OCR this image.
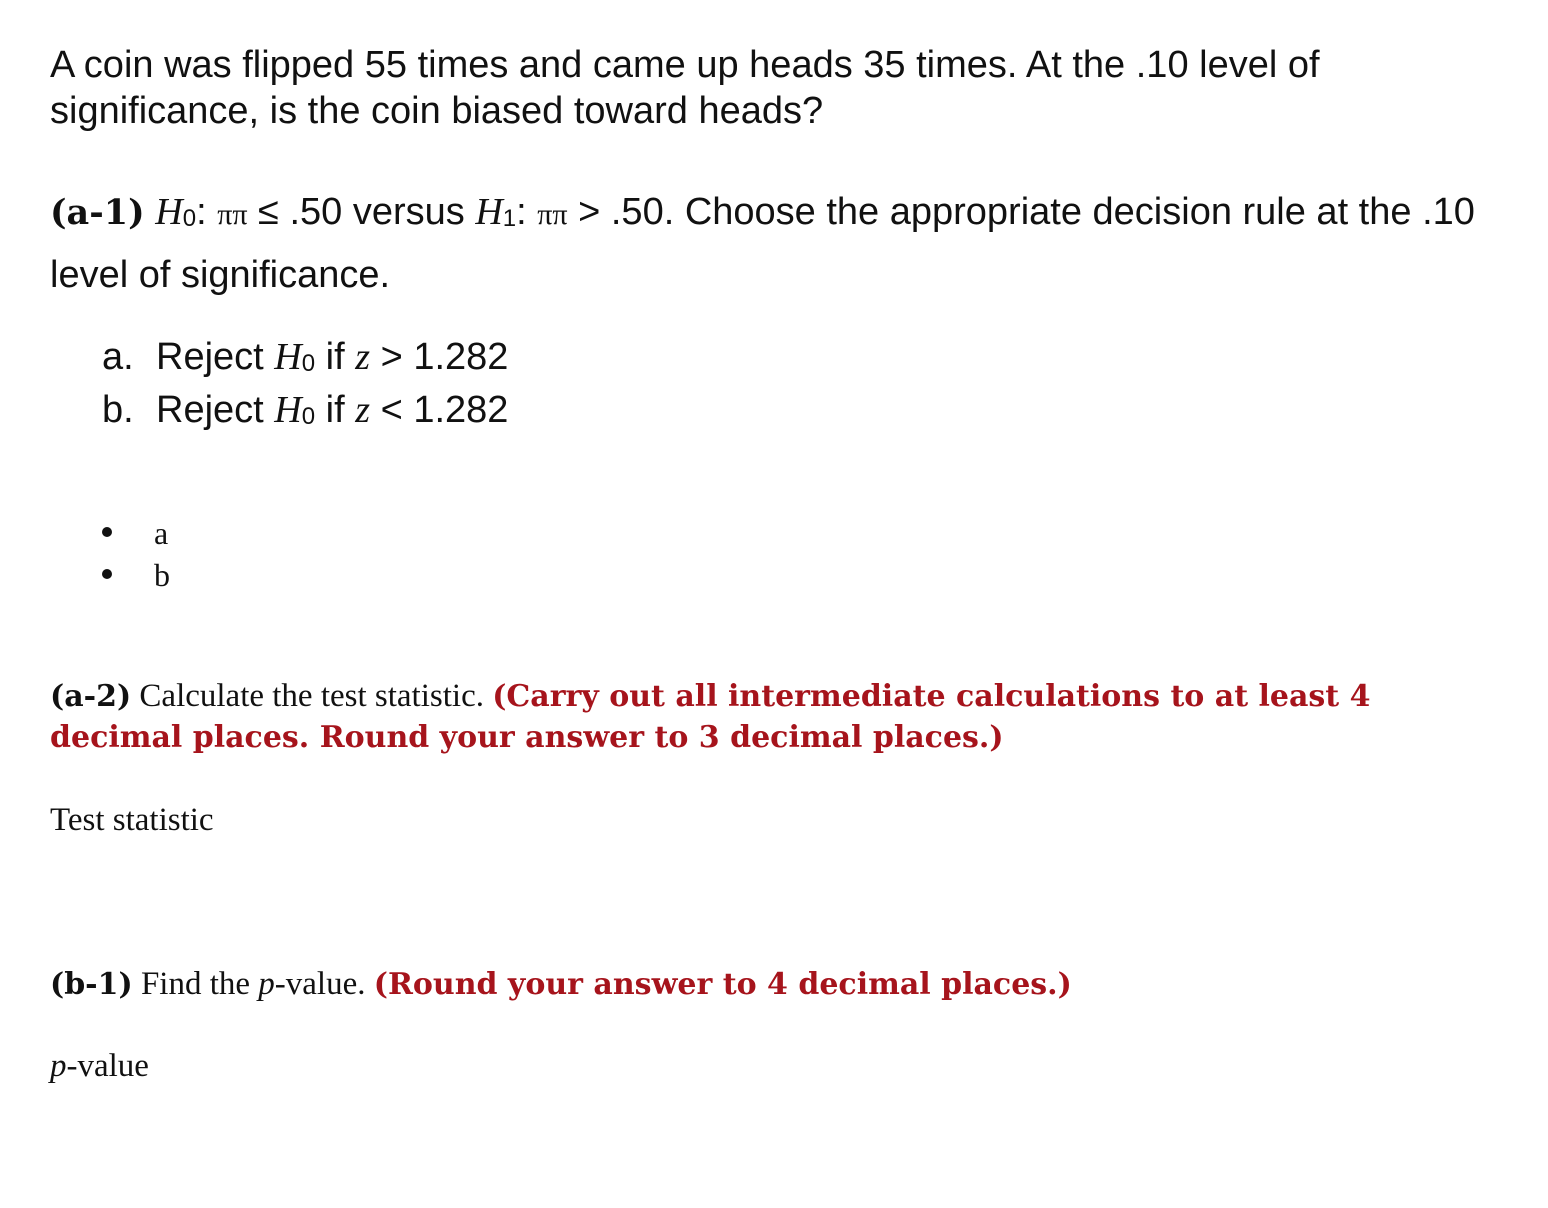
A coin was flipped 55 times and came up heads 35 times. At the .10 level of significance, is the coin biased toward heads?

(a-1) H0: ππ ≤ .50 versus H1: ππ > .50. Choose the appropriate decision rule at the .10 level of significance.

a. Reject H0 if z > 1.282
b. Reject H0 if z < 1.282
a
b

(a-2) Calculate the test statistic. (Carry out all intermediate calculations to at least 4 decimal places. Round your answer to 3 decimal places.)

Test statistic

(b-1) Find the p-value. (Round your answer to 4 decimal places.)

p-value
